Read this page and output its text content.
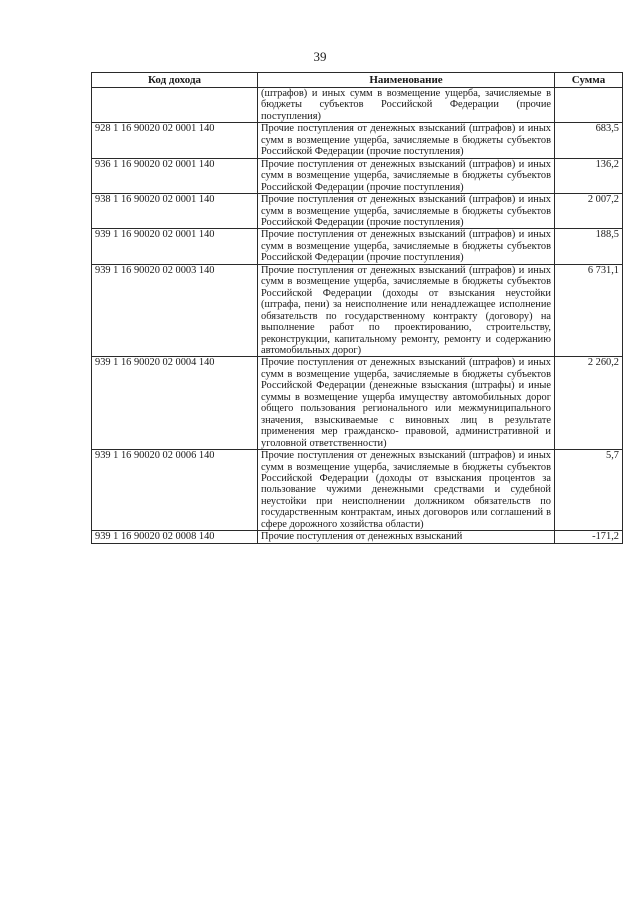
39
Код дохода	Наименование	Сумма
	(штрафов) и иных сумм в возмещение ущерба, зачисляемые в бюджеты субъектов Российской Федерации (прочие поступления)	
928 1 16 90020 02 0001 140	Прочие поступления от денежных взысканий (штрафов) и иных сумм в возмещение ущерба, зачисляемые в бюджеты субъектов Российской Федерации (прочие поступления)	683,5
936 1 16 90020 02 0001 140	Прочие поступления от денежных взысканий (штрафов) и иных сумм в возмещение ущерба, зачисляемые в бюджеты субъектов Российской Федерации (прочие поступления)	136,2
938 1 16 90020 02 0001 140	Прочие поступления от денежных взысканий (штрафов) и иных сумм в возмещение ущерба, зачисляемые в бюджеты субъектов Российской Федерации (прочие поступления)	2 007,2
939 1 16 90020 02 0001 140	Прочие поступления от денежных взысканий (штрафов) и иных сумм в возмещение ущерба, зачисляемые в бюджеты субъектов Российской Федерации (прочие поступления)	188,5
939 1 16 90020 02 0003 140	Прочие поступления от денежных взысканий (штрафов) и иных сумм в возмещение ущерба, зачисляемые в бюджеты субъектов Российской Федерации (доходы от взыскания неустойки (штрафа, пени) за неисполнение или ненадлежащее исполнение обязательств по государственному контракту (договору) на выполнение работ по проектированию, строительству, реконструкции, капитальному ремонту, ремонту и содержанию автомобильных дорог)	6 731,1
939 1 16 90020 02 0004 140	Прочие поступления от денежных взысканий (штрафов) и иных сумм в возмещение ущерба, зачисляемые в бюджеты субъектов Российской Федерации (денежные взыскания (штрафы) и иные суммы в возмещение ущерба имуществу автомобильных дорог общего пользования регионального или межмуниципального значения, взыскиваемые с виновных лиц в результате применения мер гражданско- правовой, административной и уголовной ответственности)	2 260,2
939 1 16 90020 02 0006 140	Прочие поступления от денежных взысканий (штрафов) и иных сумм в возмещение ущерба, зачисляемые в бюджеты субъектов Российской Федерации (доходы от взыскания процентов за пользование чужими денежными средствами и судебной неустойки при неисполнении должником обязательств по государственным контрактам, иных договоров или соглашений в сфере дорожного хозяйства области)	5,7
939 1 16 90020 02 0008 140	Прочие поступления от денежных взысканий	-171,2
